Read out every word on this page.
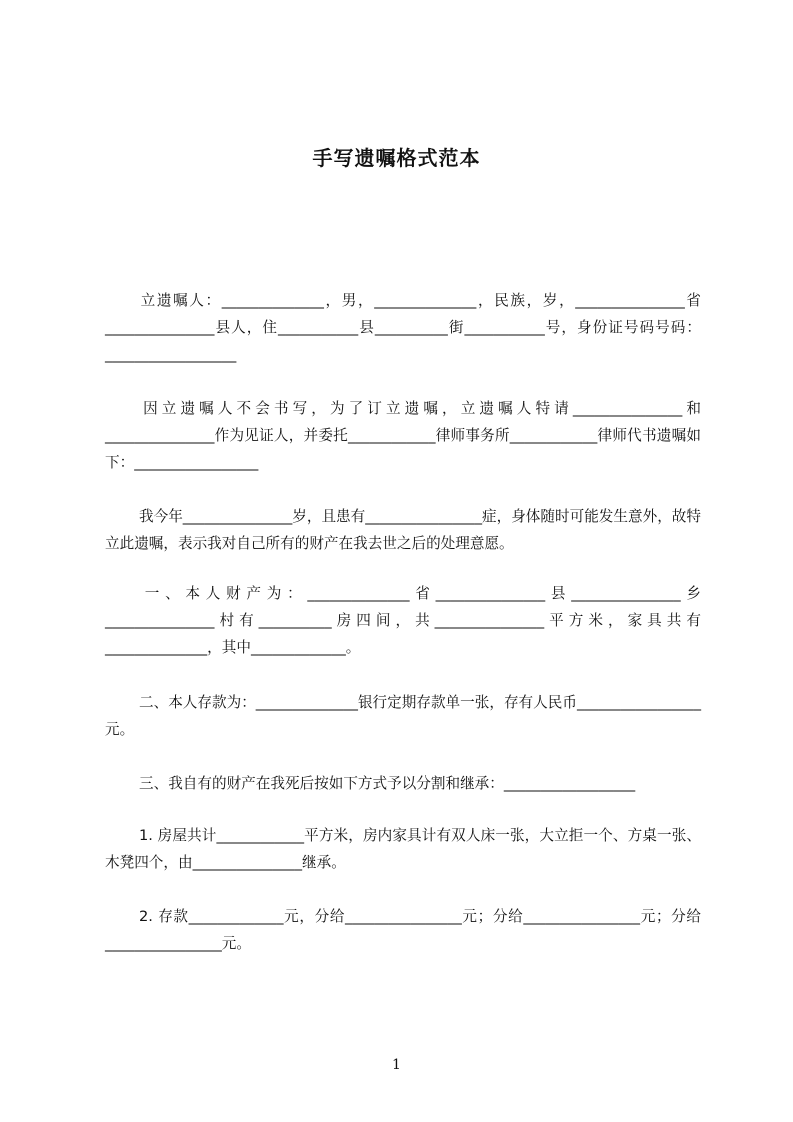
手写遗嘱格式范本

立遗嘱人：______________，男，______________，民族，岁，_______________省_______________县人，住___________县__________街___________号，身份证号码号码：__________________

因立遗嘱人不会书写，为了订立遗嘱，立遗嘱人特请_______________和_______________作为见证人，并委托____________律师事务所____________律师代书遗嘱如下：_________________

我今年_______________岁，且患有________________症，身体随时可能发生意外，故特立此遗嘱，表示我对自己所有的财产在我去世之后的处理意愿。

一、本人财产为：______________省_______________县_______________乡_______________村有__________房四间，共_______________平方米，家具共有______________，其中_____________。

二、本人存款为：______________银行定期存款单一张，存有人民币_________________元。

三、我自有的财产在我死后按如下方式予以分割和继承：__________________

1. 房屋共计____________平方米，房内家具计有双人床一张，大立拒一个、方桌一张、木凳四个，由_______________继承。

2. 存款_____________元，分给________________元；分给________________元；分给________________元。

1
